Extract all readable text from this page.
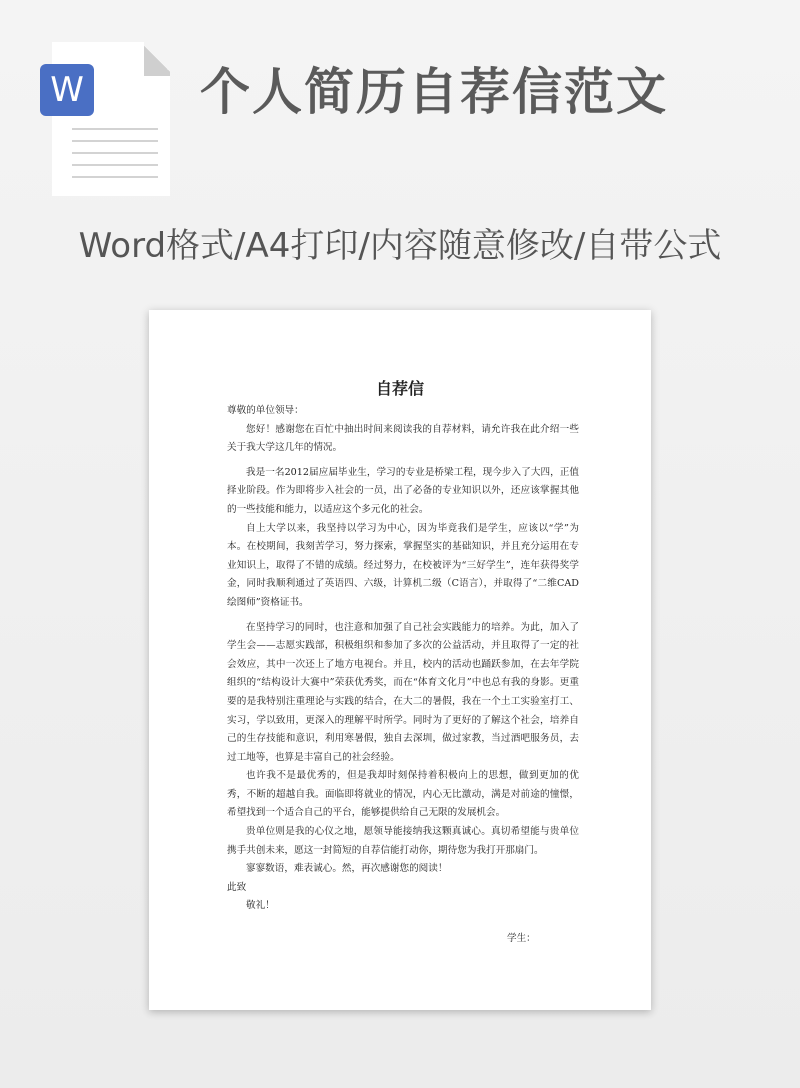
W 个人简历自荐信范文
Word格式/A4打印/内容随意修改/自带公式
自荐信

尊敬的单位领导：

您好！感谢您在百忙中抽出时间来阅读我的自荐材料，请允许我在此介绍一些关于我大学这几年的情况。

我是一名2012届应届毕业生，学习的专业是桥梁工程，现今步入了大四，正值择业阶段。作为即将步入社会的一员，出了必备的专业知识以外，还应该掌握其他的一些技能和能力，以适应这个多元化的社会。

自上大学以来，我坚持以学习为中心，因为毕竟我们是学生，应该以“学”为本。在校期间，我刻苦学习，努力探索，掌握坚实的基础知识，并且充分运用在专业知识上，取得了不错的成绩。经过努力，在校被评为“三好学生”，连年获得奖学金，同时我顺利通过了英语四、六级，计算机二级（C语言），并取得了“二维CAD绘图师”资格证书。

在坚持学习的同时，也注意和加强了自己社会实践能力的培养。为此，加入了学生会——志愿实践部，积极组织和参加了多次的公益活动，并且取得了一定的社会效应，其中一次还上了地方电视台。并且，校内的活动也踊跃参加，在去年学院组织的“结构设计大赛中”荣获优秀奖，而在“体育文化月”中也总有我的身影。更重要的是我特别注重理论与实践的结合，在大二的暑假，我在一个土工实验室打工、实习，学以致用，更深入的理解平时所学。同时为了更好的了解这个社会，培养自己的生存技能和意识，利用寒暑假，独自去深圳，做过家教，当过酒吧服务员，去过工地等，也算是丰富自己的社会经验。

也许我不是最优秀的，但是我却时刻保持着积极向上的思想，做到更加的优秀，不断的超越自我。面临即将就业的情况，内心无比激动，满是对前途的憧憬，希望找到一个适合自己的平台，能够提供给自己无限的发展机会。

贵单位则是我的心仪之地，愿领导能接纳我这颗真诚心。真切希望能与贵单位携手共创未来，愿这一封简短的自荐信能打动你，期待您为我打开那扇门。

寥寥数语，难表诚心。然，再次感谢您的阅读！

此致

敬礼！

学生：
